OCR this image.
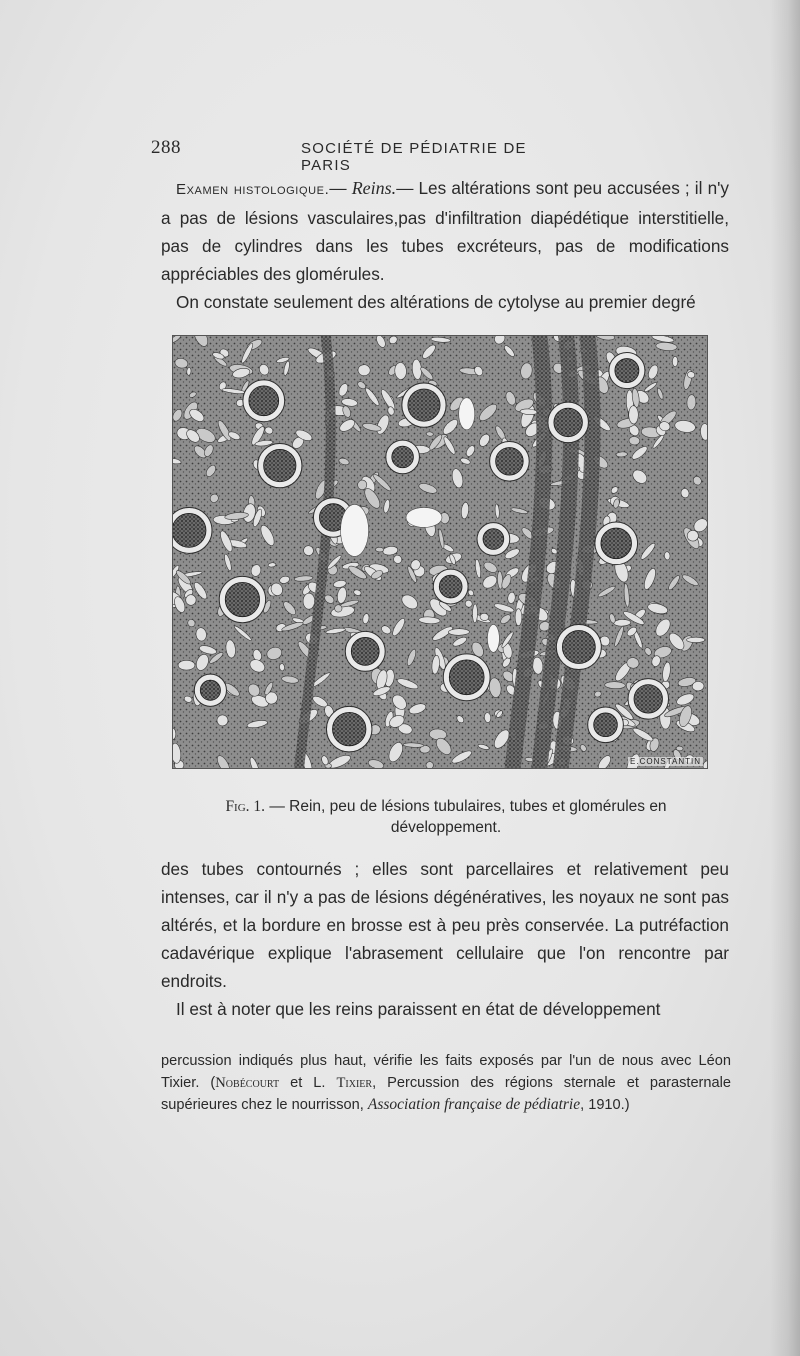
288	SOCIÉTÉ DE PÉDIATRIE DE PARIS

Examen histologique.— Reins.— Les altérations sont peu accusées ; il n'y a pas de lésions vasculaires,pas d'infiltration diapédétique interstitielle, pas de cylindres dans les tubes excréteurs, pas de modifications appréciables des glomérules.

On constate seulement des altérations de cytolyse au premier degré

E.CONSTANTIN
Fig. 1. — Rein, peu de lésions tubulaires, tubes et glomérules en développement.

des tubes contournés ; elles sont parcellaires et relativement peu intenses, car il n'y a pas de lésions dégénératives, les noyaux ne sont pas altérés, et la bordure en brosse est à peu près conservée. La putréfaction cadavérique explique l'abrasement cellulaire que l'on rencontre par endroits.

Il est à noter que les reins paraissent en état de développement

percussion indiqués plus haut, vérifie les faits exposés par l'un de nous avec Léon Tixier. (Nobécourt et L. Tixier, Percussion des régions sternale et parasternale supérieures chez le nourrisson, Association française de pédiatrie, 1910.)
